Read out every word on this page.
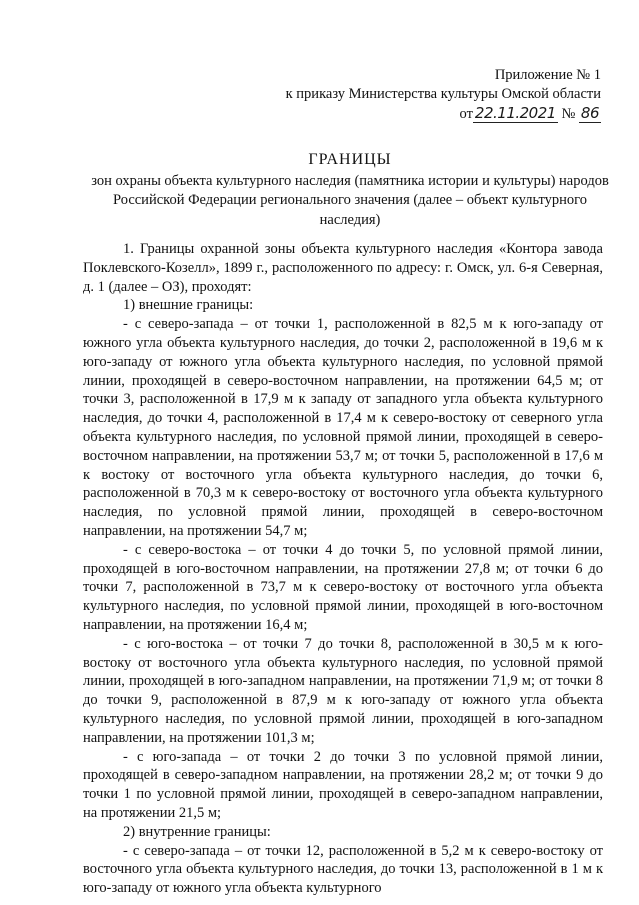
Приложение № 1
к приказу Министерства культуры Омской области
от 22.11.2021 № 86
ГРАНИЦЫ
зон охраны объекта культурного наследия (памятника истории и культуры) народов Российской Федерации регионального значения (далее – объект культурного наследия)

1. Границы охранной зоны объекта культурного наследия «Контора завода Поклевского-Козелл», 1899 г., расположенного по адресу: г. Омск, ул. 6-я Северная, д. 1 (далее – ОЗ), проходят:

1) внешние границы:

- с северо-запада – от точки 1, расположенной в 82,5 м к юго-западу от южного угла объекта культурного наследия, до точки 2, расположенной в 19,6 м к юго-западу от южного угла объекта культурного наследия, по условной прямой линии, проходящей в северо-восточном направлении, на протяжении 64,5 м; от точки 3, расположенной в 17,9 м к западу от западного угла объекта культурного наследия, до точки 4, расположенной в 17,4 м к северо-востоку от северного угла объекта культурного наследия, по условной прямой линии, проходящей в северо-восточном направлении, на протяжении 53,7 м; от точки 5, расположенной в 17,6 м к востоку от восточного угла объекта культурного наследия, до точки 6, расположенной в 70,3 м к северо-востоку от восточного угла объекта культурного наследия, по условной прямой линии, проходящей в северо-восточном направлении, на протяжении 54,7 м;

- с северо-востока – от точки 4 до точки 5, по условной прямой линии, проходящей в юго-восточном направлении, на протяжении 27,8 м; от точки 6 до точки 7, расположенной в 73,7 м к северо-востоку от восточного угла объекта культурного наследия, по условной прямой линии, проходящей в юго-восточном направлении, на протяжении 16,4 м;

- с юго-востока – от точки 7 до точки 8, расположенной в 30,5 м к юго-востоку от восточного угла объекта культурного наследия, по условной прямой линии, проходящей в юго-западном направлении, на протяжении 71,9 м; от точки 8 до точки 9, расположенной в 87,9 м к юго-западу от южного угла объекта культурного наследия, по условной прямой линии, проходящей в юго-западном направлении, на протяжении 101,3 м;

- с юго-запада – от точки 2 до точки 3 по условной прямой линии, проходящей в северо-западном направлении, на протяжении 28,2 м; от точки 9 до точки 1 по условной прямой линии, проходящей в северо-западном направлении, на протяжении 21,5 м;

2) внутренние границы:

- с северо-запада – от точки 12, расположенной в 5,2 м к северо-востоку от восточного угла объекта культурного наследия, до точки 13, расположенной в 1 м к юго-западу от южного угла объекта культурного
